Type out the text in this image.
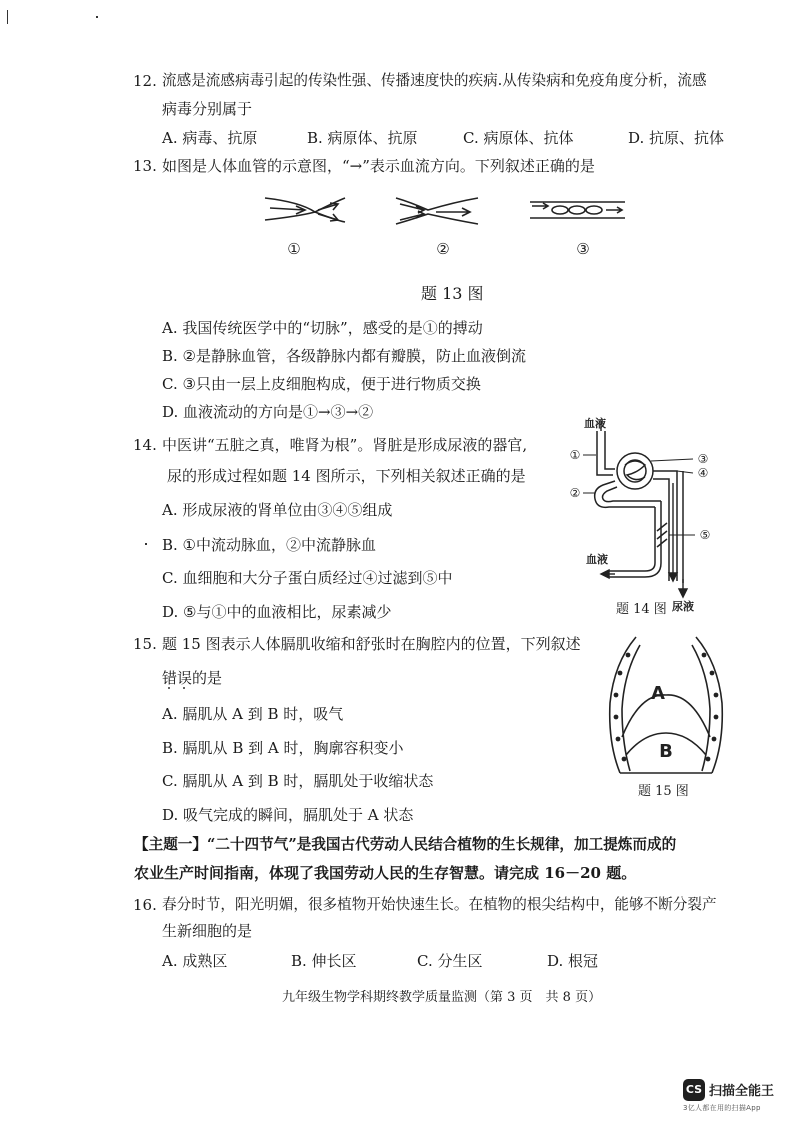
12. 流感是流感病毒引起的传染性强、传播速度快的疾病.从传染病和免疫角度分析，流感
病毒分别属于
A. 病毒、抗原	B. 病原体、抗原	C. 病原体、抗体	D. 抗原、抗体
13. 如图是人体血管的示意图，“→”表示血流方向。下列叙述正确的是
①	②	③
题 13 图
A. 我国传统医学中的“切脉”，感受的是①的搏动
B. ②是静脉血管，各级静脉内都有瓣膜，防止血液倒流
C. ③只由一层上皮细胞构成，便于进行物质交换
D. 血液流动的方向是①→③→②
14. 中医讲“五脏之真，唯肾为根”。肾脏是形成尿液的器官,
尿的形成过程如题 14 图所示，下列相关叙述正确的是
A. 形成尿液的肾单位由③④⑤组成
B. ①中流动脉血，②中流静脉血
C. 血细胞和大分子蛋白质经过④过滤到⑤中
D. ⑤与①中的血液相比，尿素减少
血液
①
②
③
④
⑤
血液
尿液
题 14 图
15. 题 15 图表示人体膈肌收缩和舒张时在胸腔内的位置，下列叙述
错误的是
A. 膈肌从 A 到 B 时，吸气
B. 膈肌从 B 到 A 时，胸廓容积变小
C. 膈肌从 A 到 B 时，膈肌处于收缩状态
D. 吸气完成的瞬间，膈肌处于 A 状态
A
B
题 15 图
【主题一】“二十四节气”是我国古代劳动人民结合植物的生长规律，加工提炼而成的
农业生产时间指南，体现了我国劳动人民的生存智慧。请完成 16－20 题。
16. 春分时节，阳光明媚，很多植物开始快速生长。在植物的根尖结构中，能够不断分裂产
生新细胞的是
A. 成熟区	B. 伸长区	C. 分生区	D. 根冠
九年级生物学科期终教学质量监测（第 3 页　共 8 页）
CS 扫描全能王
3亿人都在用的扫描App
